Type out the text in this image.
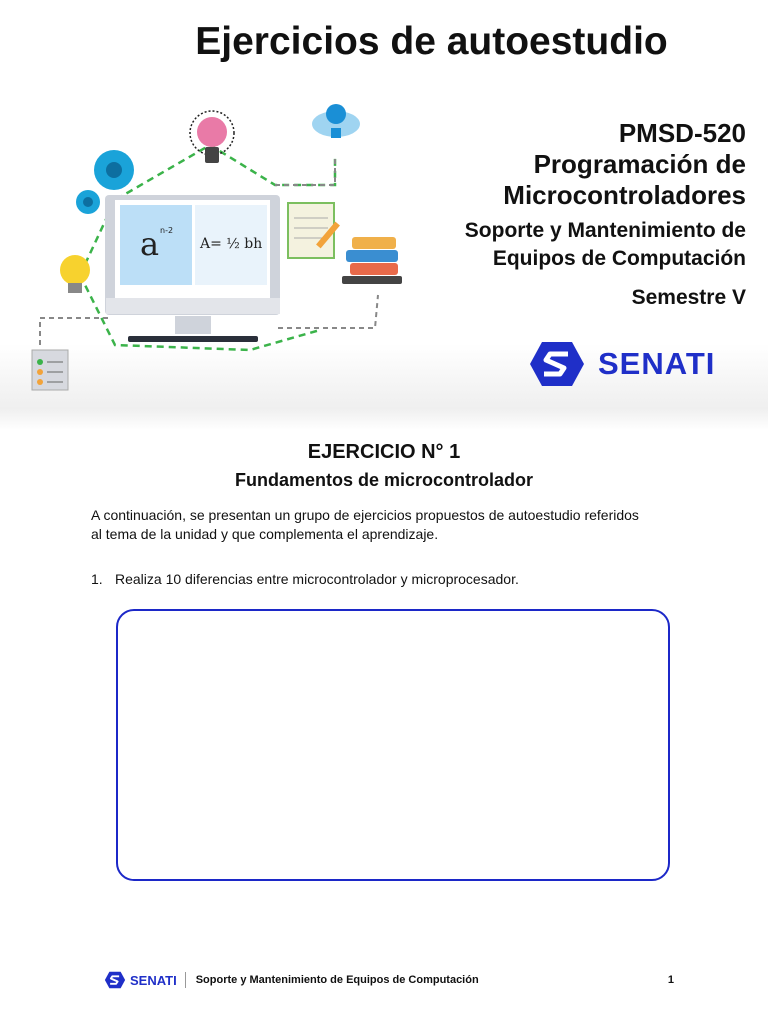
Ejercicios de autoestudio
a n-2
A= ½ bh
PMSD-520
Programación de
Microcontroladores
Soporte y Mantenimiento de
Equipos de Computación
Semestre V
SENATI
EJERCICIO N° 1
Fundamentos de microcontrolador
A continuación, se presentan un grupo de ejercicios propuestos de autoestudio referidos al tema de la unidad y que complementa el aprendizaje.
1. Realiza 10 diferencias entre microcontrolador y microprocesador.
SENATI Soporte y Mantenimiento de Equipos de Computación	1
